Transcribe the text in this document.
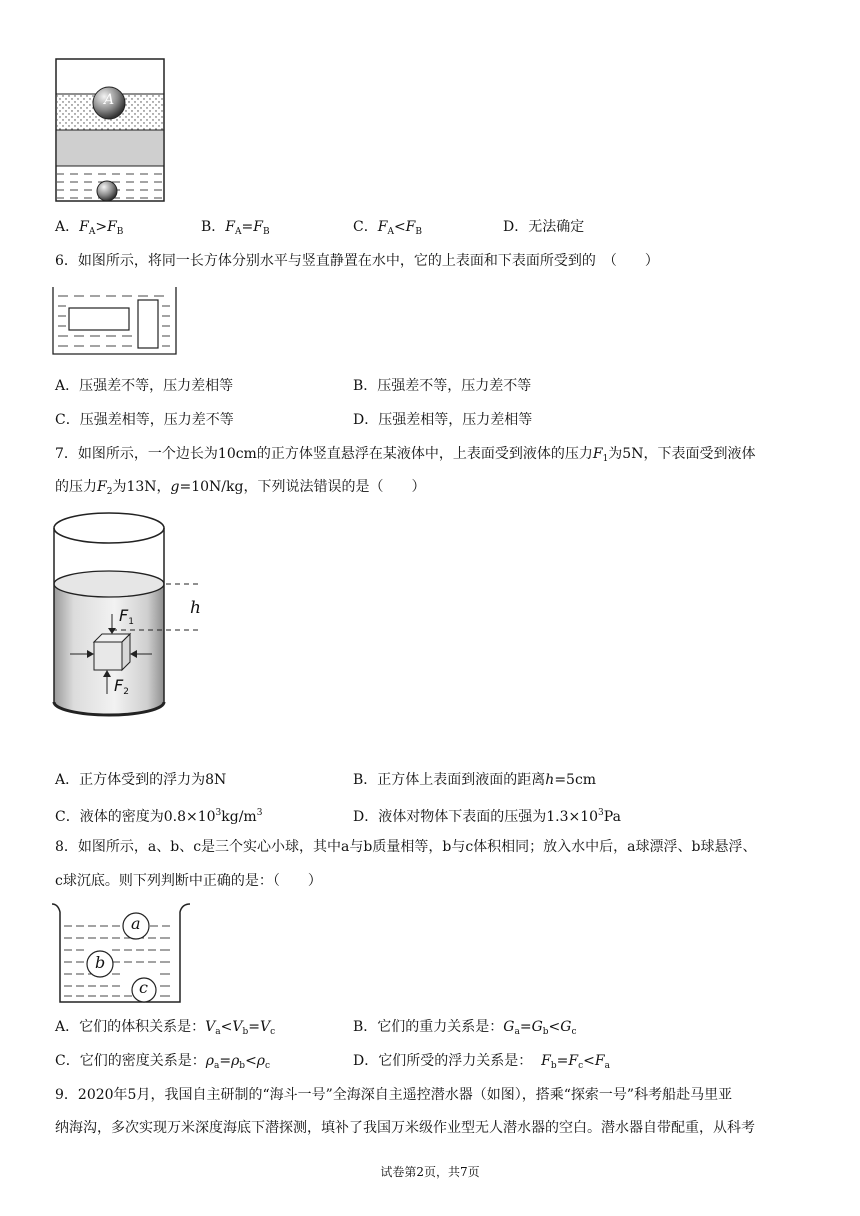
A
A．$F_A>F_B$	B．$F_A=F_B$	C．$F_A<F_B$	D．无法确定
6．如图所示，将同一长方体分别水平与竖直静置在水中，它的上表面和下表面所受到的　（　　）
A．压强差不等，压力差相等	B．压强差不等，压力差不等
C．压强差相等，压力差不等	D．压强差相等，压力差相等
7．如图所示，一个边长为10cm的正方体竖直悬浮在某液体中，上表面受到液体的压力$F_1$为5N，下表面受到液体
的压力$F_2$为13N，g=10N/kg，下列说法错误的是（　　）
h
$F_1$
$F_2$
A．正方体受到的浮力为8N	B．正方体上表面到液面的距离h=5cm
C．液体的密度为$0.8\times 10^3kg/m^3$	D．液体对物体下表面的压强为$1.3\times 10^3Pa$
8．如图所示，a、b、c是三个实心小球，其中a与b质量相等，b与c体积相同；放入水中后，a球漂浮、b球悬浮、
c球沉底。则下列判断中正确的是：（　　）
a
b
c
A．它们的体积关系是：$V_a<V_b=V_c$	B．它们的重力关系是：$G_a=G_b<G_c$
C．它们的密度关系是：$\rho_a=\rho_b<\rho_c$	D．它们所受的浮力关系是： $F_b=F_c<F_a$
9．2020年5月，我国自主研制的“海斗一号”全海深自主遥控潜水器（如图），搭乘“探索一号”科考船赴马里亚
纳海沟，多次实现万米深度海底下潜探测，填补了我国万米级作业型无人潜水器的空白。潜水器自带配重，从科考
试卷第2页，共7页
